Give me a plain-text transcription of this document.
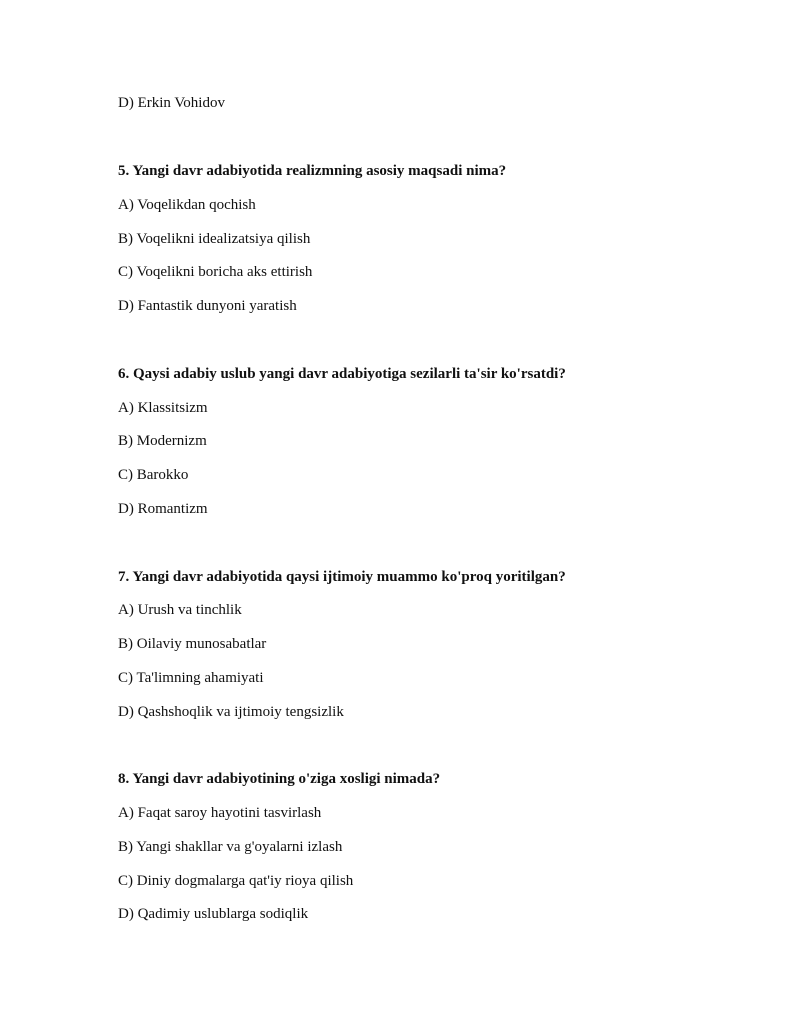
D) Erkin Vohidov
5. Yangi davr adabiyotida realizmning asosiy maqsadi nima?
A) Voqelikdan qochish
B) Voqelikni idealizatsiya qilish
C) Voqelikni boricha aks ettirish
D) Fantastik dunyoni yaratish
6. Qaysi adabiy uslub yangi davr adabiyotiga sezilarli ta'sir ko'rsatdi?
A) Klassitsizm
B) Modernizm
C) Barokko
D) Romantizm
7. Yangi davr adabiyotida qaysi ijtimoiy muammo ko'proq yoritilgan?
A) Urush va tinchlik
B) Oilaviy munosabatlar
C) Ta'limning ahamiyati
D) Qashshoqlik va ijtimoiy tengsizlik
8. Yangi davr adabiyotining o'ziga xosligi nimada?
A) Faqat saroy hayotini tasvirlash
B) Yangi shakllar va g'oyalarni izlash
C) Diniy dogmalarga qat'iy rioya qilish
D) Qadimiy uslublarga sodiqlik
